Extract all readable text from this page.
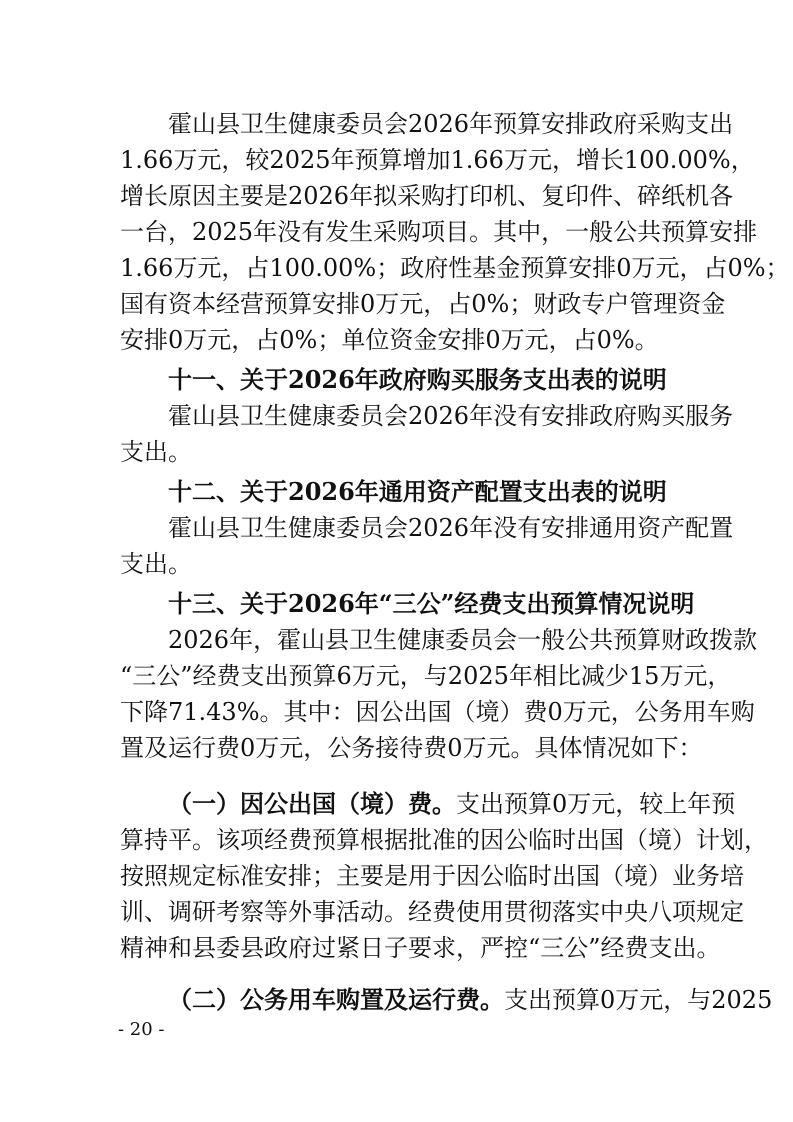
霍山县卫生健康委员会2026年预算安排政府采购支出
1.66万元，较2025年预算增加1.66万元，增长100.00%，
增长原因主要是2026年拟采购打印机、复印件、碎纸机各
一台，2025年没有发生采购项目。其中，一般公共预算安排
1.66万元，占100.00%；政府性基金预算安排0万元，占0%；
国有资本经营预算安排0万元，占0%；财政专户管理资金
安排0万元，占0%；单位资金安排0万元，占0%。
十一、关于2026年政府购买服务支出表的说明
霍山县卫生健康委员会2026年没有安排政府购买服务
支出。
十二、关于2026年通用资产配置支出表的说明
霍山县卫生健康委员会2026年没有安排通用资产配置
支出。
十三、关于2026年“三公”经费支出预算情况说明
2026年，霍山县卫生健康委员会一般公共预算财政拨款
“三公”经费支出预算6万元，与2025年相比减少15万元，
下降71.43%。其中：因公出国（境）费0万元，公务用车购
置及运行费0万元，公务接待费0万元。具体情况如下：
（一）因公出国（境）费。支出预算0万元，较上年预
算持平。该项经费预算根据批准的因公临时出国（境）计划，
按照规定标准安排；主要是用于因公临时出国（境）业务培
训、调研考察等外事活动。经费使用贯彻落实中央八项规定
精神和县委县政府过紧日子要求，严控“三公”经费支出。
（二）公务用车购置及运行费。支出预算0万元，与2025
- 20 -
